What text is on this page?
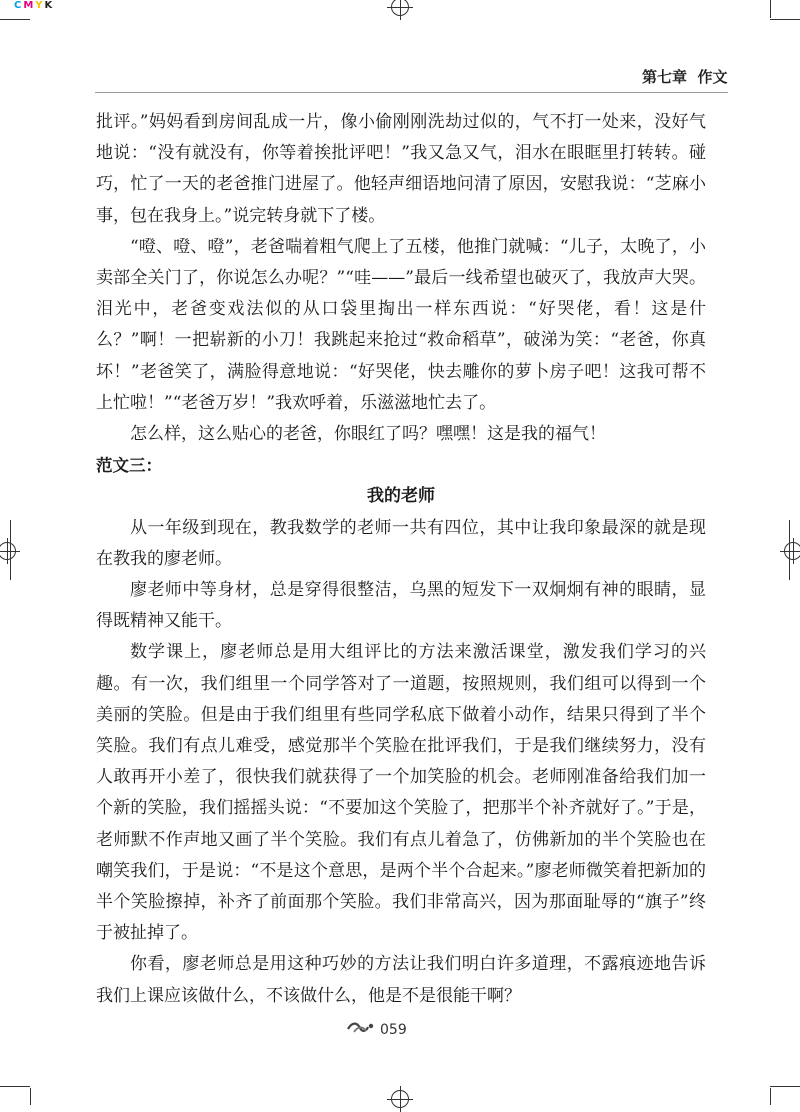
CMYK
第七章 作文

批评。”妈妈看到房间乱成一片，像小偷刚刚洗劫过似的，气不打一处来，没好气地说：“没有就没有，你等着挨批评吧！”我又急又气，泪水在眼眶里打转转。碰巧，忙了一天的老爸推门进屋了。他轻声细语地问清了原因，安慰我说：“芝麻小事，包在我身上。”说完转身就下了楼。

“噔、噔、噔”，老爸喘着粗气爬上了五楼，他推门就喊：“儿子，太晚了，小卖部全关门了，你说怎么办呢？”“哇——”最后一线希望也破灭了，我放声大哭。泪光中，老爸变戏法似的从口袋里掏出一样东西说：“好哭佬，看！这是什么？”啊！一把崭新的小刀！我跳起来抢过“救命稻草”，破涕为笑：“老爸，你真坏！”老爸笑了，满脸得意地说：“好哭佬，快去雕你的萝卜房子吧！这我可帮不上忙啦！”“老爸万岁！”我欢呼着，乐滋滋地忙去了。

怎么样，这么贴心的老爸，你眼红了吗？嘿嘿！这是我的福气！

范文三：

我的老师

从一年级到现在，教我数学的老师一共有四位，其中让我印象最深的就是现在教我的廖老师。

廖老师中等身材，总是穿得很整洁，乌黑的短发下一双炯炯有神的眼睛，显得既精神又能干。

数学课上，廖老师总是用大组评比的方法来激活课堂，激发我们学习的兴趣。有一次，我们组里一个同学答对了一道题，按照规则，我们组可以得到一个美丽的笑脸。但是由于我们组里有些同学私底下做着小动作，结果只得到了半个笑脸。我们有点儿难受，感觉那半个笑脸在批评我们，于是我们继续努力，没有人敢再开小差了，很快我们就获得了一个加笑脸的机会。老师刚准备给我们加一个新的笑脸，我们摇摇头说：“不要加这个笑脸了，把那半个补齐就好了。”于是，老师默不作声地又画了半个笑脸。我们有点儿着急了，仿佛新加的半个笑脸也在嘲笑我们，于是说：“不是这个意思，是两个半个合起来。”廖老师微笑着把新加的半个笑脸擦掉，补齐了前面那个笑脸。我们非常高兴，因为那面耻辱的“旗子”终于被扯掉了。

你看，廖老师总是用这种巧妙的方法让我们明白许多道理，不露痕迹地告诉我们上课应该做什么，不该做什么，他是不是很能干啊？

059
